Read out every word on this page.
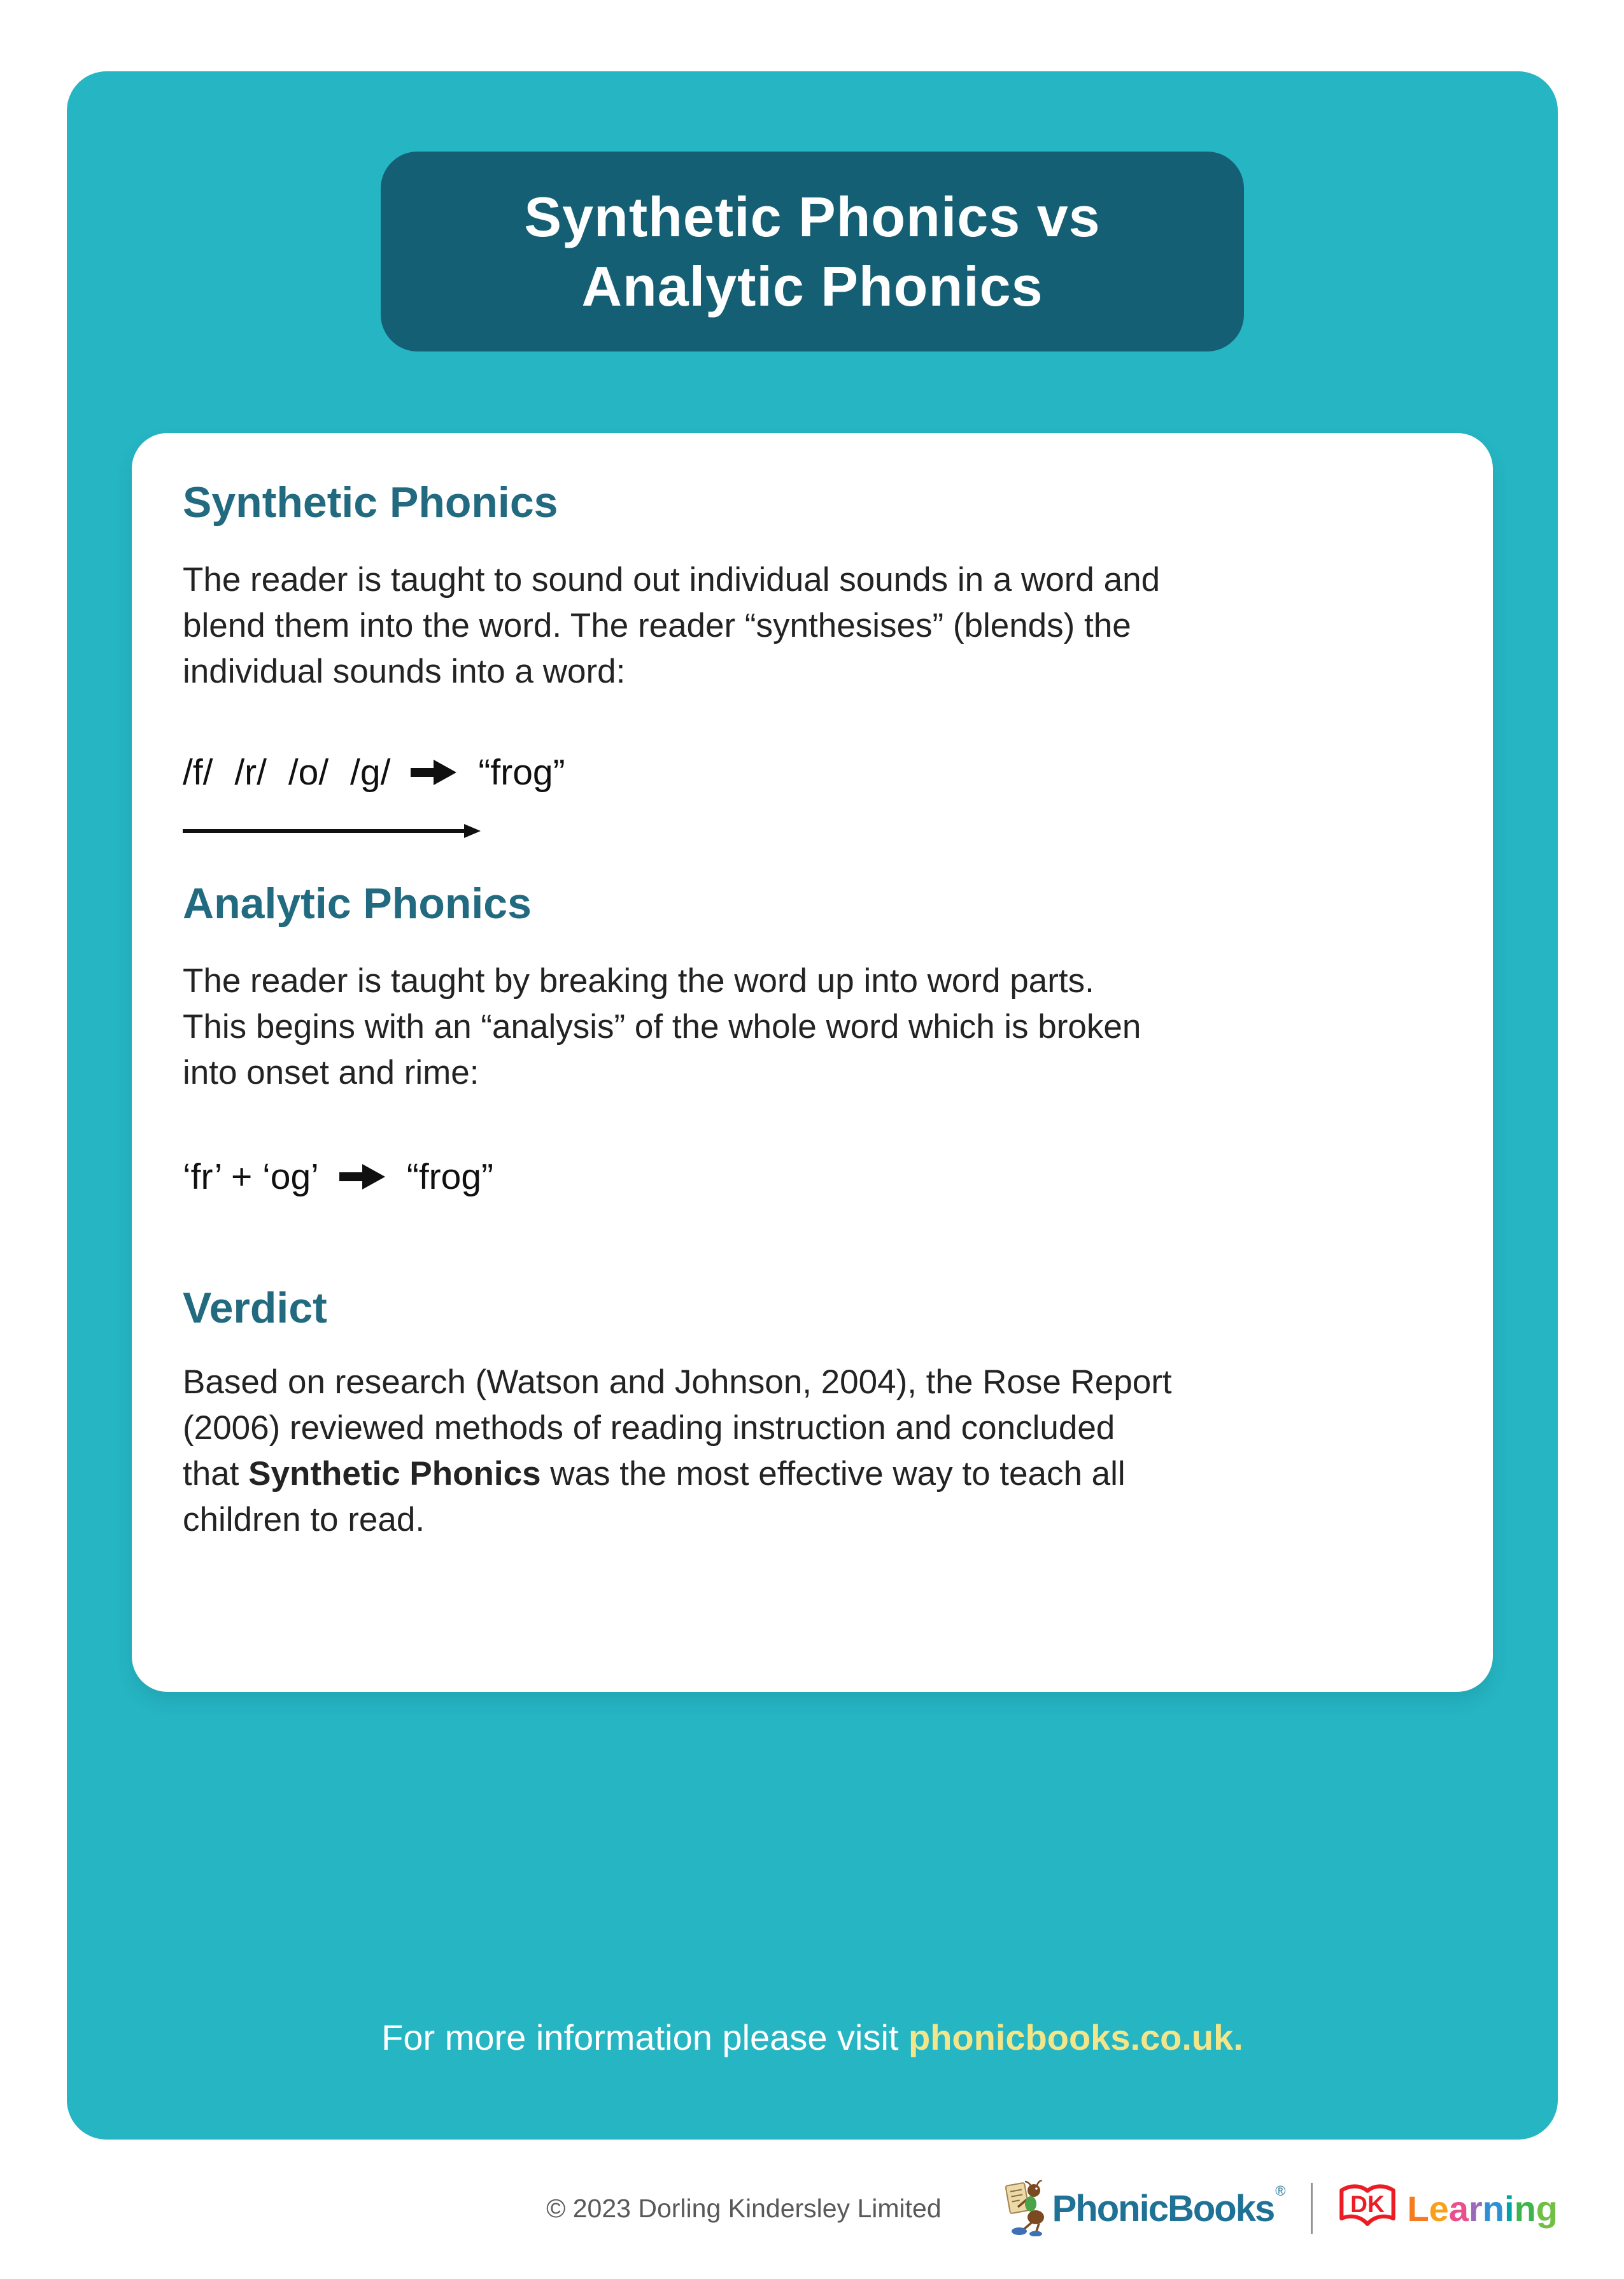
Synthetic Phonics vs
Analytic Phonics
Synthetic Phonics
The reader is taught to sound out individual sounds in a word and
blend them into the word. The reader “synthesises” (blends) the
individual sounds into a word:
/f/ /r/ /o/ /g/ “frog”
Analytic Phonics
The reader is taught by breaking the word up into word parts.
This begins with an “analysis” of the whole word which is broken
into onset and rime:
‘fr’ + ‘og’ “frog”
Verdict
Based on research (Watson and Johnson, 2004), the Rose Report
(2006) reviewed methods of reading instruction and concluded
that Synthetic Phonics was the most effective way to teach all
children to read.
For more information please visit phonicbooks.co.uk.
© 2023 Dorling Kindersley Limited	PhonicBooks ® DK Learning
